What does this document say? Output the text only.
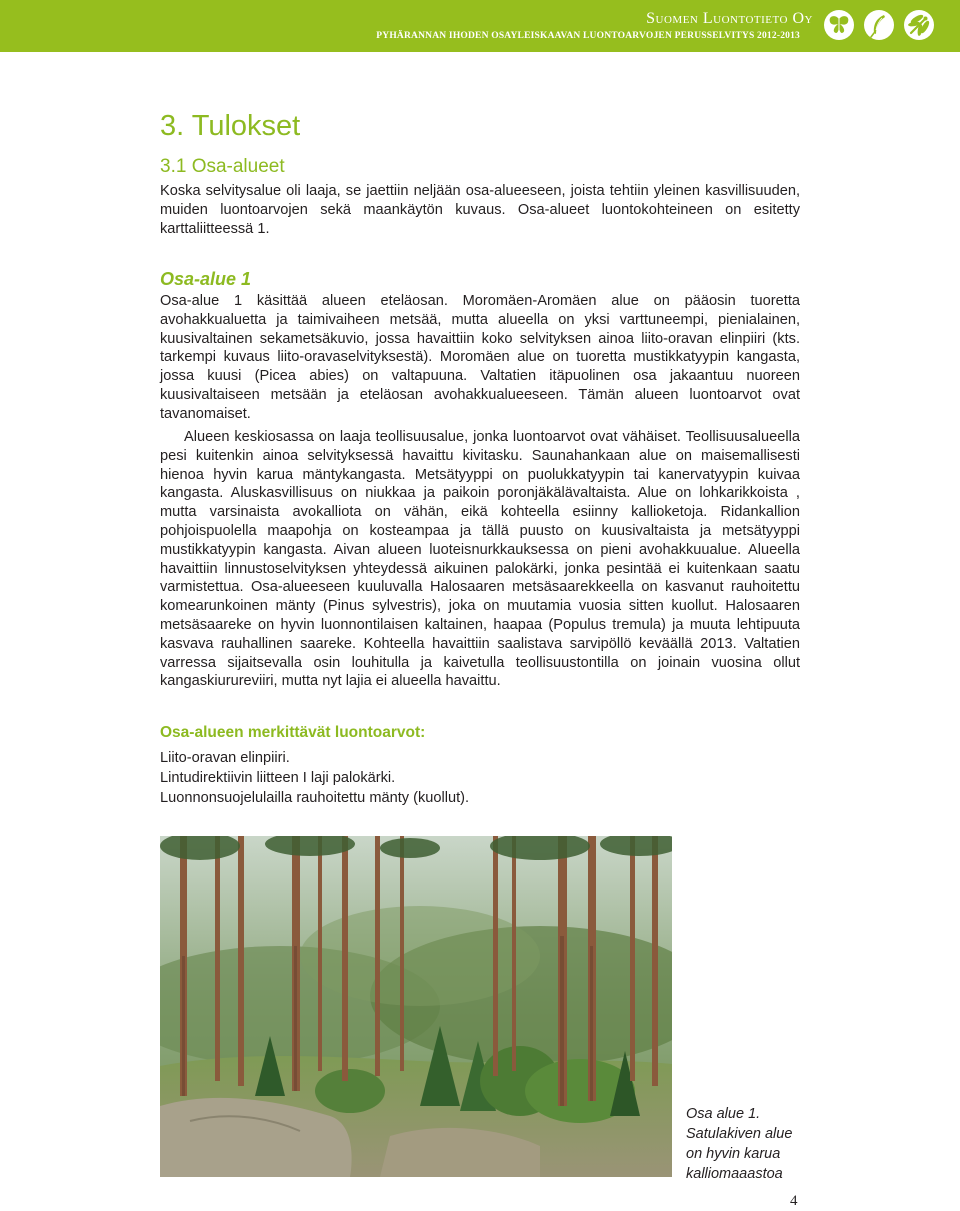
Suomen Luontotieto Oy
PYHÄRANNAN IHODEN OSAYLEISKAAVAN LUONTOARVOJEN PERUSSELVITYS 2012-2013
3. Tulokset
3.1 Osa-alueet

Koska selvitysalue oli laaja, se jaettiin neljään osa-alueeseen, joista tehtiin yleinen kasvillisuuden, muiden luontoarvojen sekä maankäytön kuvaus. Osa-alueet luontokohteineen on esitetty karttaliitteessä 1.

Osa-alue 1

Osa-alue 1 käsittää alueen eteläosan. Moromäen-Aromäen alue on pääosin tuoretta avohakkualuetta ja taimivaiheen metsää, mutta alueella on yksi varttuneempi, pienialainen, kuusivaltainen sekametsäkuvio, jossa havaittiin koko selvityksen ainoa liito-oravan elinpiiri (kts. tarkempi kuvaus liito-oravaselvityksestä). Moromäen alue on tuoretta mustikkatyypin kangasta, jossa kuusi (Picea abies) on valtapuuna. Valtatien itäpuolinen osa jakaantuu nuoreen kuusivaltaiseen metsään ja eteläosan avohakkualueeseen. Tämän alueen luontoarvot ovat tavanomaiset.

Alueen keskiosassa on laaja teollisuusalue, jonka luontoarvot ovat vähäiset. Teollisuusalueella pesi kuitenkin ainoa selvityksessä havaittu kivitasku. Saunahankaan alue on maisemallisesti hienoa hyvin karua mäntykangasta. Metsätyyppi on puolukkatyypin tai kanervatyypin kuivaa kangasta. Aluskasvillisuus on niukkaa ja paikoin poronjäkälävaltaista. Alue on lohkarikkoista , mutta varsinaista avokalliota on vähän, eikä kohteella esiinny kallioketoja. Ridankallion pohjoispuolella maapohja on kosteampaa ja tällä puusto on kuusivaltaista ja metsätyyppi mustikkatyypin kangasta. Aivan alueen luoteisnurkkauksessa on pieni avohakkuualue. Alueella havaittiin linnustoselvityksen yhteydessä aikuinen palokärki, jonka pesintää ei kuitenkaan saatu varmistettua. Osa-alueeseen kuuluvalla Halosaaren metsäsaarekkeella on kasvanut rauhoitettu komearunkoinen mänty (Pinus sylvestris), joka on muutamia vuosia sitten kuollut. Halosaaren metsäsaareke on hyvin luonnontilaisen kaltainen, haapaa (Populus tremula) ja muuta lehtipuuta kasvava rauhallinen saareke. Kohteella havaittiin saalistava sarvipöllö keväällä 2013. Valtatien varressa sijaitsevalla osin louhitulla ja kaivetulla teollisuustontilla on joinain vuosina ollut kangaskiurureviiri, mutta nyt lajia ei alueella havaittu.

Osa-alueen merkittävät luontoarvot:
Liito-oravan elinpiiri.
Lintudirektiivin liitteen I laji palokärki.
Luonnonsuojelulailla rauhoitettu mänty (kuollut).
Osa alue 1.
Satulakiven alue
on hyvin karua
kalliomaaastoa
4
